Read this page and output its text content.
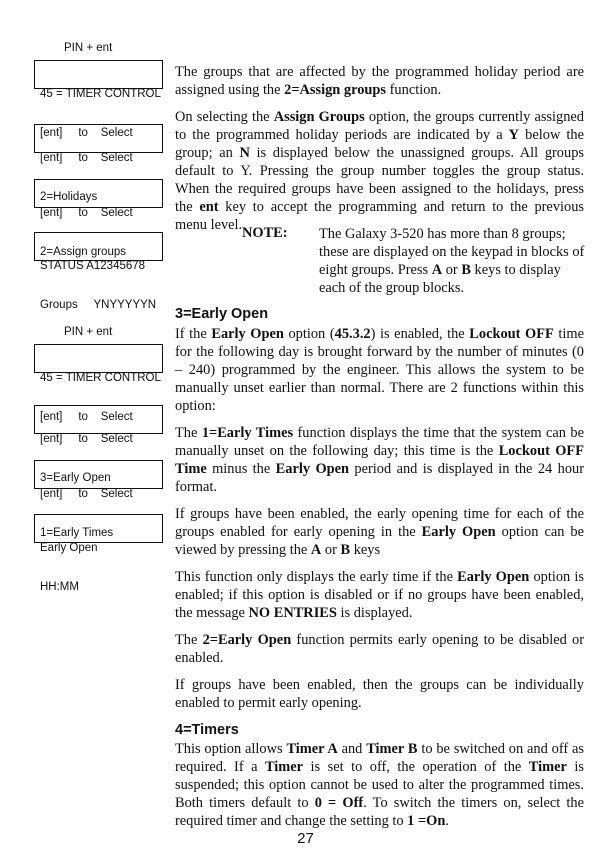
PIN + ent

45 = TIMER CONTROL

[ent]     to    Select

[ent]     to    Select

2=Holidays

[ent]     to    Select

2=Assign groups

STATUS A12345678

Groups     YNYYYYYN

PIN + ent

45 = TIMER CONTROL

[ent]     to    Select

[ent]     to    Select

3=Early Open

[ent]     to    Select

1=Early Times

Early Open

HH:MM

The groups that are affected by the programmed holiday period are assigned using the 2=Assign groups function.

On selecting the Assign Groups option, the groups currently assigned to the programmed holiday periods are indicated by a Y below the group; an N is displayed below the unassigned groups. All groups default to Y. Pressing the group number toggles the group status. When the required groups have been assigned to the holidays, press the ent key to accept the programming and return to the previous menu level. NOTE: The Galaxy 3-520 has more than 8 groups; these are displayed on the keypad in blocks of eight groups. Press A or B keys to display each of the group blocks.

3=Early Open

If the Early Open option (45.3.2) is enabled, the Lockout OFF time for the following day is brought forward by the number of minutes (0 – 240) programmed by the engineer. This allows the system to be manually unset earlier than normal. There are 2 functions within this option:

The 1=Early Times function displays the time that the system can be manually unset on the following day; this time is the Lockout OFF Time minus the Early Open period and is displayed in the 24 hour format.

If groups have been enabled, the early opening time for each of the groups enabled for early opening in the Early Open option can be viewed by pressing the A or B keys

This function only displays the early time if the Early Open option is enabled; if this option is disabled or if no groups have been enabled, the message NO ENTRIES is displayed.

The 2=Early Open function permits early opening to be disabled or enabled.

If groups have been enabled, then the groups can be individually enabled to permit early opening.

4=Timers

This option allows Timer A and Timer B to be switched on and off as required. If a Timer is set to off, the operation of the Timer is suspended; this option cannot be used to alter the programmed times. Both timers default to 0 = Off. To switch the timers on, select the required timer and change the setting to 1 =On.

27
